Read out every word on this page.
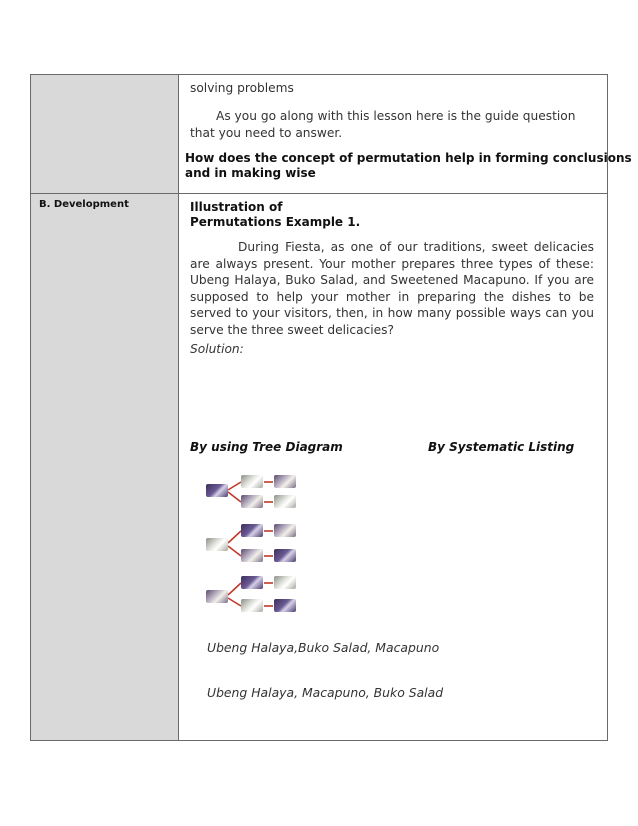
B. Development
solving problems
As you go along with this lesson here is the guide question that you need to answer.
How does the concept of permutation help in forming conclusions
and in making wise
Illustration of
Permutations Example 1.
During Fiesta, as one of our traditions, sweet delicacies are always present. Your mother prepares three types of these: Ubeng Halaya, Buko Salad, and Sweetened Macapuno. If you are supposed to help your mother in preparing the dishes to be served to your visitors, then, in how many possible ways can you serve the three sweet delicacies?
Solution:
By using Tree Diagram	By Systematic Listing
Ubeng Halaya,Buko Salad, Macapuno
Ubeng Halaya, Macapuno, Buko Salad
